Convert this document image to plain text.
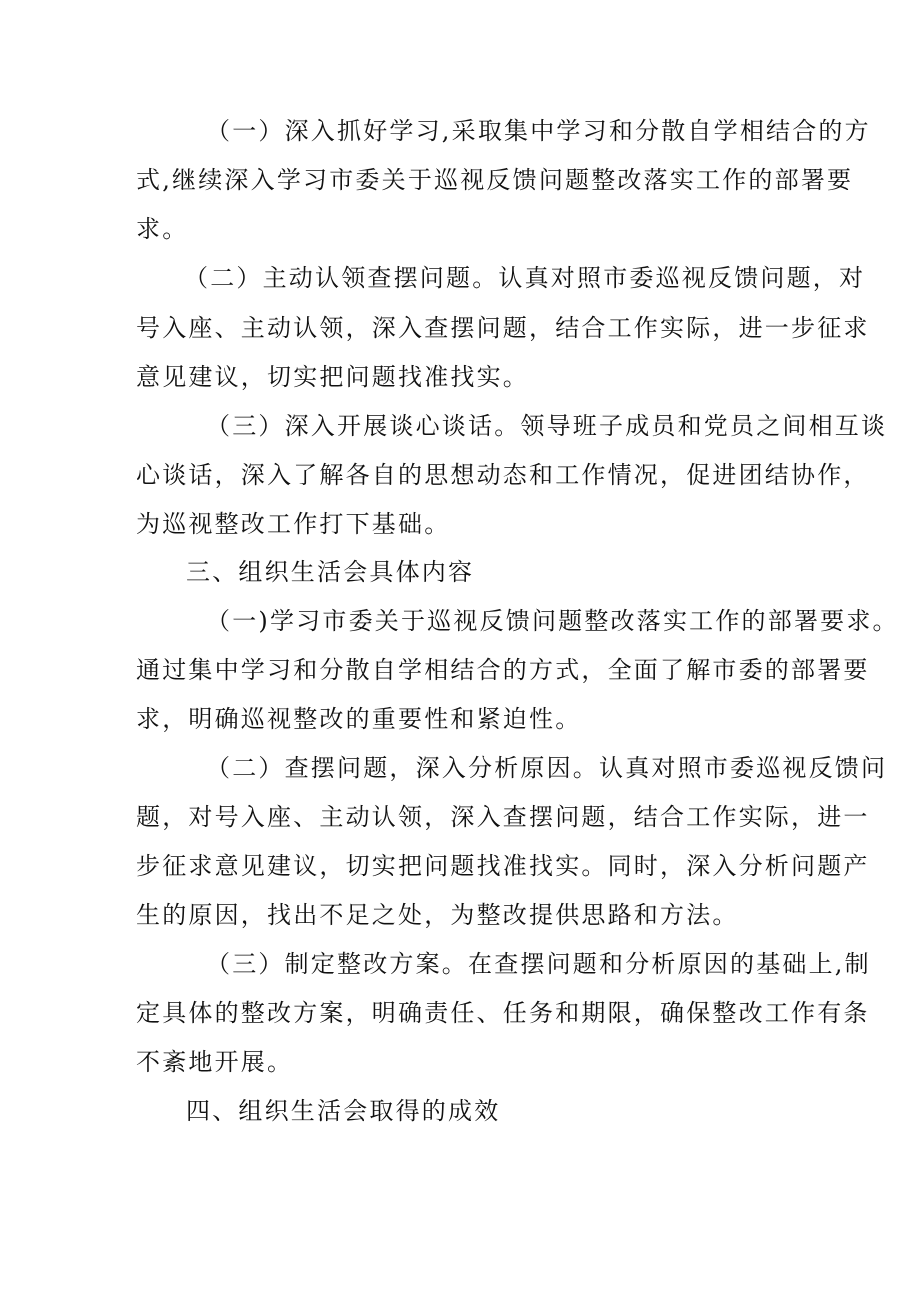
（一）深入抓好学习,采取集中学习和分散自学相结合的方
式,继续深入学习市委关于巡视反馈问题整改落实工作的部署要
求。
（二）主动认领查摆问题。认真对照市委巡视反馈问题，对
号入座、主动认领，深入查摆问题，结合工作实际，进一步征求
意见建议，切实把问题找准找实。
（三）深入开展谈心谈话。领导班子成员和党员之间相互谈
心谈话，深入了解各自的思想动态和工作情况，促进团结协作，
为巡视整改工作打下基础。
三、组织生活会具体内容
（一)学习市委关于巡视反馈问题整改落实工作的部署要求。
通过集中学习和分散自学相结合的方式，全面了解市委的部署要
求，明确巡视整改的重要性和紧迫性。
（二）查摆问题，深入分析原因。认真对照市委巡视反馈问
题，对号入座、主动认领，深入查摆问题，结合工作实际，进一
步征求意见建议，切实把问题找准找实。同时，深入分析问题产
生的原因，找出不足之处，为整改提供思路和方法。
（三）制定整改方案。在查摆问题和分析原因的基础上,制
定具体的整改方案，明确责任、任务和期限，确保整改工作有条
不紊地开展。
四、组织生活会取得的成效
